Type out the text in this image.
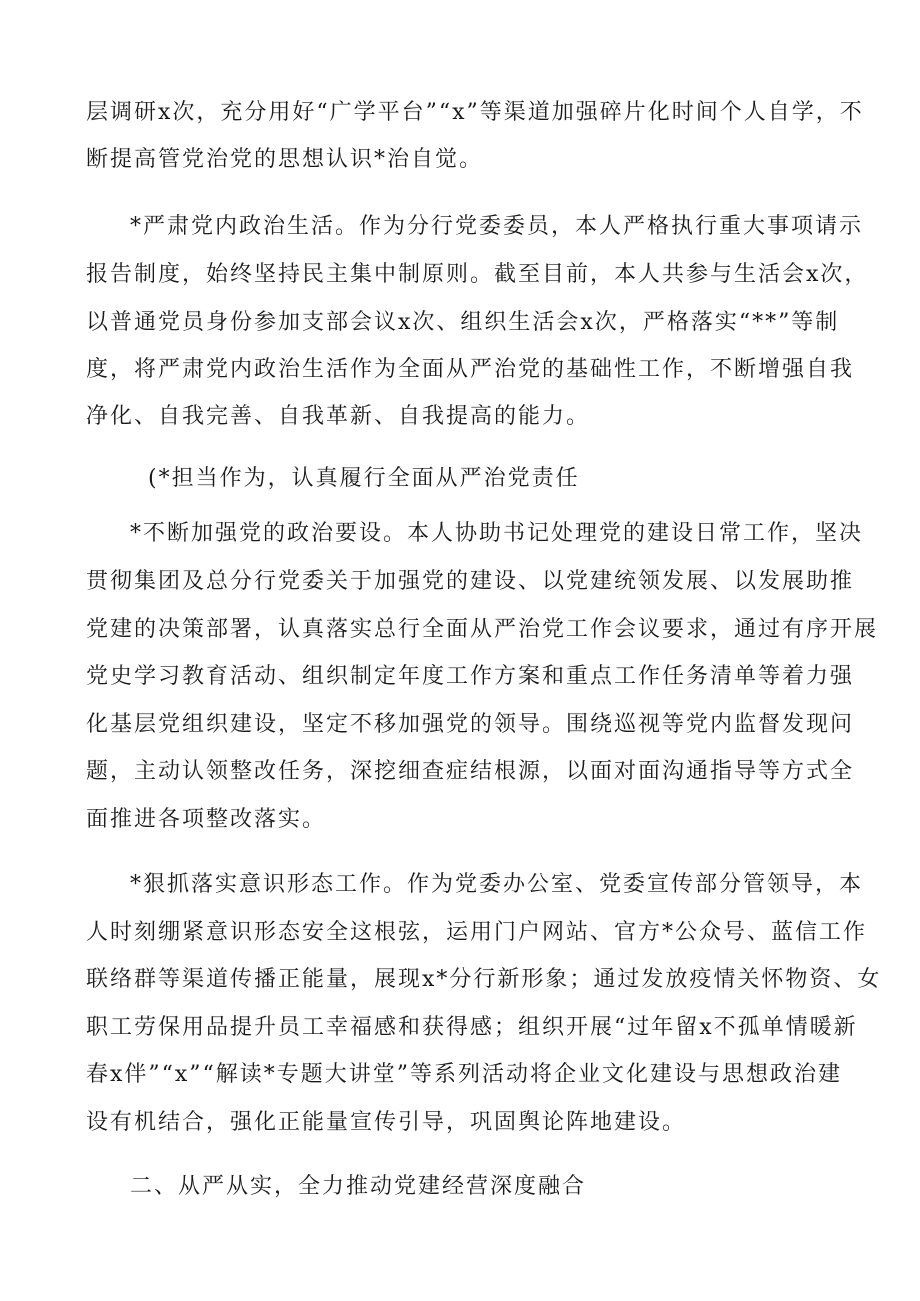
层调研x次，充分用好“广学平台”“x”等渠道加强碎片化时间个人自学，不
断提高管党治党的思想认识*治自觉。
*严肃党内政治生活。作为分行党委委员，本人严格执行重大事项请示
报告制度，始终坚持民主集中制原则。截至目前，本人共参与生活会x次，
以普通党员身份参加支部会议x次、组织生活会x次，严格落实“**”等制
度，将严肃党内政治生活作为全面从严治党的基础性工作，不断增强自我
净化、自我完善、自我革新、自我提高的能力。
(*担当作为，认真履行全面从严治党责任
*不断加强党的政治要设。本人协助书记处理党的建设日常工作，坚决
贯彻集团及总分行党委关于加强党的建设、以党建统领发展、以发展助推
党建的决策部署，认真落实总行全面从严治党工作会议要求，通过有序开展
党史学习教育活动、组织制定年度工作方案和重点工作任务清单等着力强
化基层党组织建设，坚定不移加强党的领导。围绕巡视等党内监督发现问
题，主动认领整改任务，深挖细查症结根源，以面对面沟通指导等方式全
面推进各项整改落实。
*狠抓落实意识形态工作。作为党委办公室、党委宣传部分管领导，本
人时刻绷紧意识形态安全这根弦，运用门户网站、官方*公众号、蓝信工作
联络群等渠道传播正能量，展现x*分行新形象；通过发放疫情关怀物资、女
职工劳保用品提升员工幸福感和获得感；组织开展“过年留x不孤单情暖新
春x伴”“x”“解读*专题大讲堂”等系列活动将企业文化建设与思想政治建
设有机结合，强化正能量宣传引导，巩固舆论阵地建设。
二、从严从实，全力推动党建经营深度融合
